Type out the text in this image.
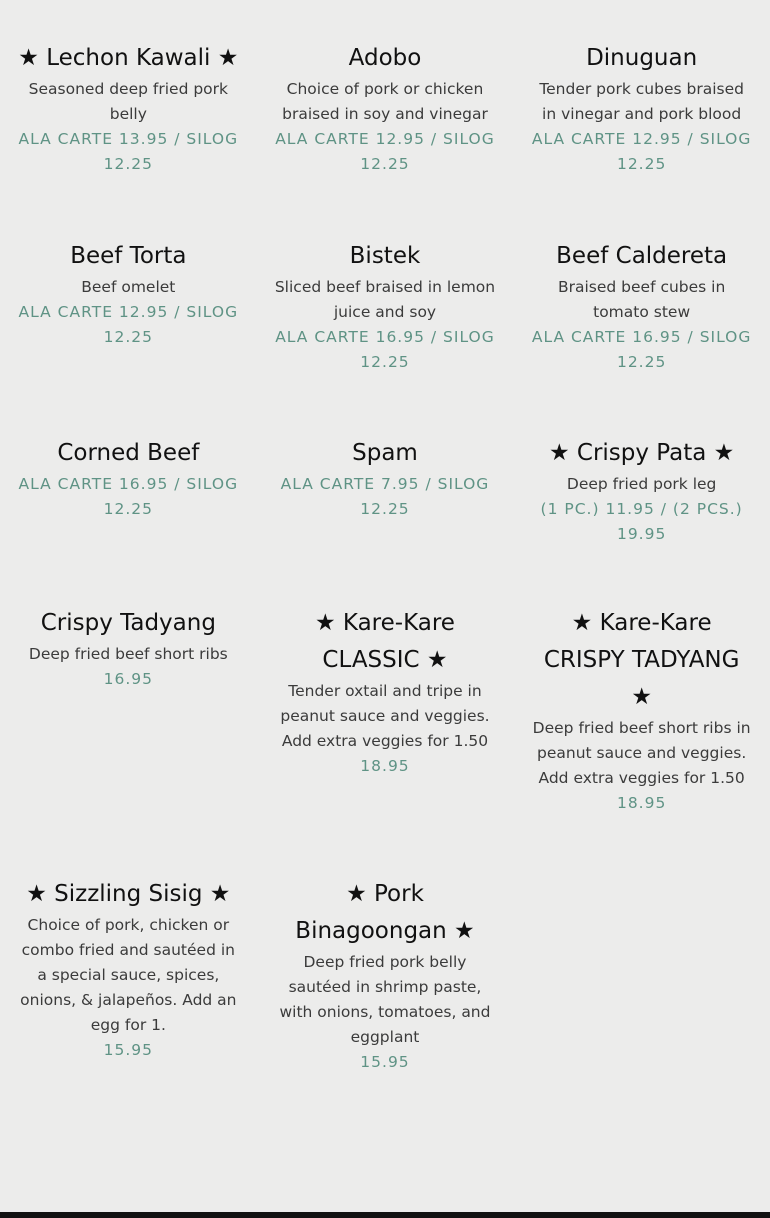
★ Lechon Kawali ★

Seasoned deep fried pork belly

ALA CARTE 13.95 / SILOG 12.25

Adobo

Choice of pork or chicken braised in soy and vinegar

ALA CARTE 12.95 / SILOG 12.25

Dinuguan

Tender pork cubes braised in vinegar and pork blood

ALA CARTE 12.95 / SILOG 12.25

Beef Torta

Beef omelet

ALA CARTE 12.95 / SILOG 12.25

Bistek

Sliced beef braised in lemon juice and soy

ALA CARTE 16.95 / SILOG 12.25

Beef Caldereta

Braised beef cubes in tomato stew

ALA CARTE 16.95 / SILOG 12.25

Corned Beef

ALA CARTE 16.95 / SILOG 12.25

Spam

ALA CARTE 7.95 / SILOG 12.25

★ Crispy Pata ★

Deep fried pork leg

(1 PC.) 11.95 / (2 PCS.) 19.95

Crispy Tadyang

Deep fried beef short ribs

16.95

★ Kare-Kare CLASSIC ★

Tender oxtail and tripe in peanut sauce and veggies. Add extra veggies for 1.50

18.95

★ Kare-Kare CRISPY TADYANG ★

Deep fried beef short ribs in peanut sauce and veggies. Add extra veggies for 1.50

18.95

★ Sizzling Sisig ★

Choice of pork, chicken or combo fried and sautéed in a special sauce, spices, onions, & jalapeños. Add an egg for 1.

15.95

★ Pork Binagoongan ★

Deep fried pork belly sautéed in shrimp paste, with onions, tomatoes, and eggplant

15.95
